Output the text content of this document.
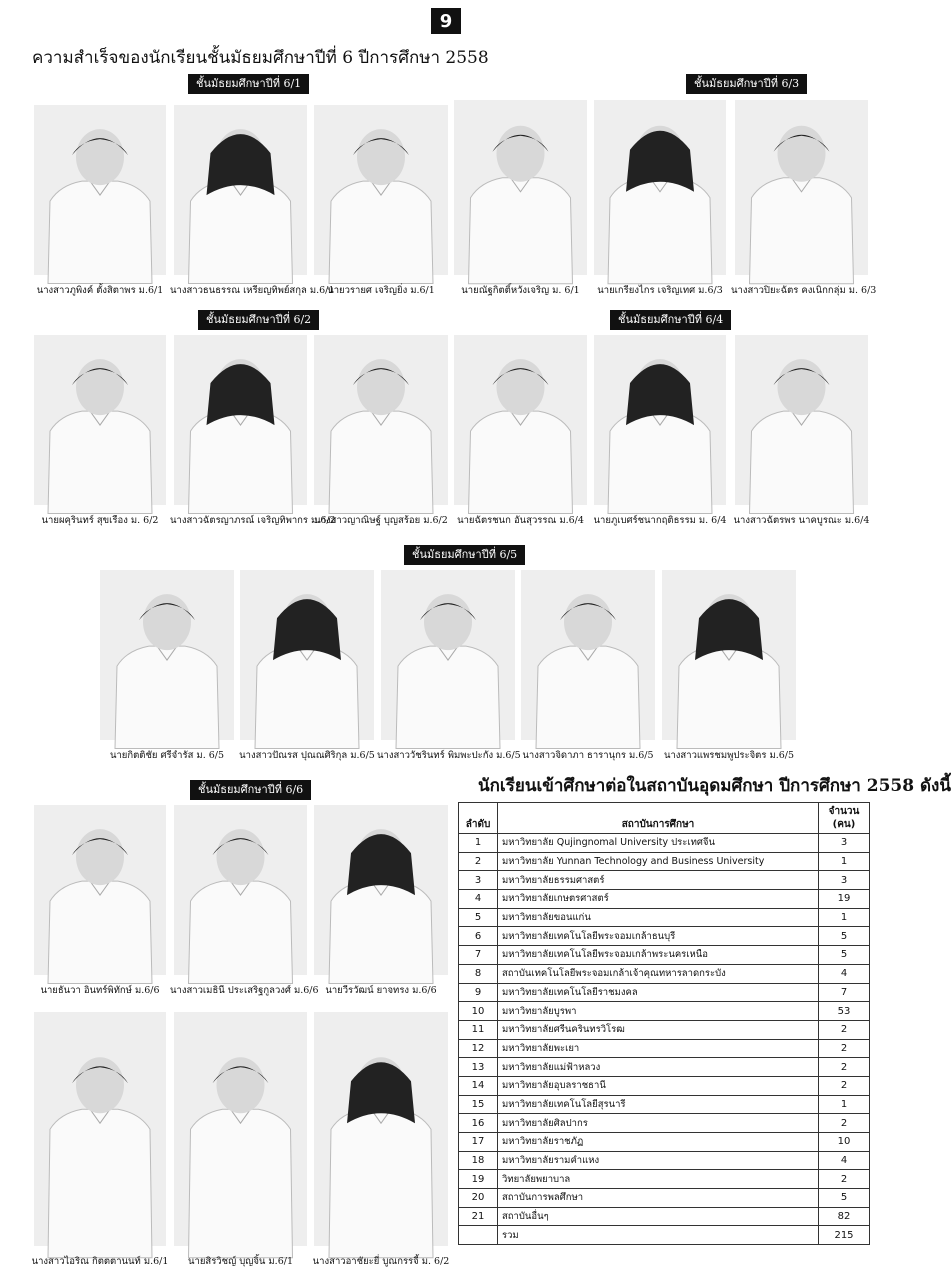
9
ความสำเร็จของนักเรียนชั้นมัธยมศึกษาปีที่ 6 ปีการศึกษา 2558
ชั้นมัธยมศึกษาปีที่ 6/1	ชั้นมัธยมศึกษาปีที่ 6/3
ชั้นมัธยมศึกษาปีที่ 6/2	ชั้นมัธยมศึกษาปีที่ 6/4
ชั้นมัธยมศึกษาปีที่ 6/5
ชั้นมัธยมศึกษาปีที่ 6/6
นางสาวภูพิงค์ ตั้งสิตาพร ม.6/1 นางสาวธนธรรณ เหรียญทิพย์สกุล ม.6/1
นายวรายศ เจริญยิ่ง ม.6/1	นายณัฐกิตติ์หวังเจริญ ม. 6/1	นายเกรียงไกร เจริญเทศ ม.6/3 นางสาวปิยะฉัตร คงเนิกกลุ่ม ม. 6/3
นายผคุรินทร์ สุขเรือง ม. 6/2	นางสาวฉัตรญาภรณ์ เจริญทิพากร ม.6/2
นางสาวญาณิษฐ์ บุญสร้อย ม.6/2 นายฉัตรชนก อันสุวรรณ ม.6/4	นายภูเบศร์ชนากฤติธรรม ม. 6/4 นางสาวฉัตรพร นาคบูรณะ ม.6/4
นายกิตติชัย ศรีจำรัส ม. 6/5	นางสาวปัณรส ปุณณศิริกุล ม.6/5 นางสาววัชรินทร์ พิมพะปะกัง ม.6/5 นางสาวจิดาภา ธารานุกร ม.6/5	นางสาวแพรชมพูประจิตร ม.6/5
นายธันวา อินทร์พิทักษ์ ม.6/6	นางสาวเมธินี ประเสริฐกูลวงศ์ ม.6/6 นายวีรวัฒน์ ยาจทรง ม.6/6
นางสาวไอริณ กิตตตานนท์ ม.6/1	นายสิรวิชญ์ บุญจิ้น ม.6/1	นางสาวอาชัยะยี่ บูณกรรจี้ ม. 6/2
นักเรียนเข้าศึกษาต่อในสถาบันอุดมศึกษา ปีการศึกษา 2558 ดังนี้
ลำดับ	สถาบันการศึกษา	จำนวน
(คน)
1	มหาวิทยาลัย Qujingnomal University ประเทศจีน	3
2	มหาวิทยาลัย Yunnan Technology and Business University	1
3	มหาวิทยาลัยธรรมศาสตร์	3
4	มหาวิทยาลัยเกษตรศาสตร์	19
5	มหาวิทยาลัยขอนแก่น	1
6	มหาวิทยาลัยเทคโนโลยีพระจอมเกล้าธนบุรี	5
7	มหาวิทยาลัยเทคโนโลยีพระจอมเกล้าพระนครเหนือ	5
8	สถาบันเทคโนโลยีพระจอมเกล้าเจ้าคุณทหารลาดกระบัง	4
9	มหาวิทยาลัยเทคโนโลยีราชมงคล	7
10	มหาวิทยาลัยบูรพา	53
11	มหาวิทยาลัยศรีนครินทรวิโรฒ	2
12	มหาวิทยาลัยพะเยา	2
13	มหาวิทยาลัยแม่ฟ้าหลวง	2
14	มหาวิทยาลัยอุบลราชธานี	2
15	มหาวิทยาลัยเทคโนโลยีสุรนารี	1
16	มหาวิทยาลัยศิลปากร	2
17	มหาวิทยาลัยราชภัฏ	10
18	มหาวิทยาลัยรามคำแหง	4
19	วิทยาลัยพยาบาล	2
20	สถาบันการพลศึกษา	5
21	สถาบันอื่นๆ	82
	รวม	215
